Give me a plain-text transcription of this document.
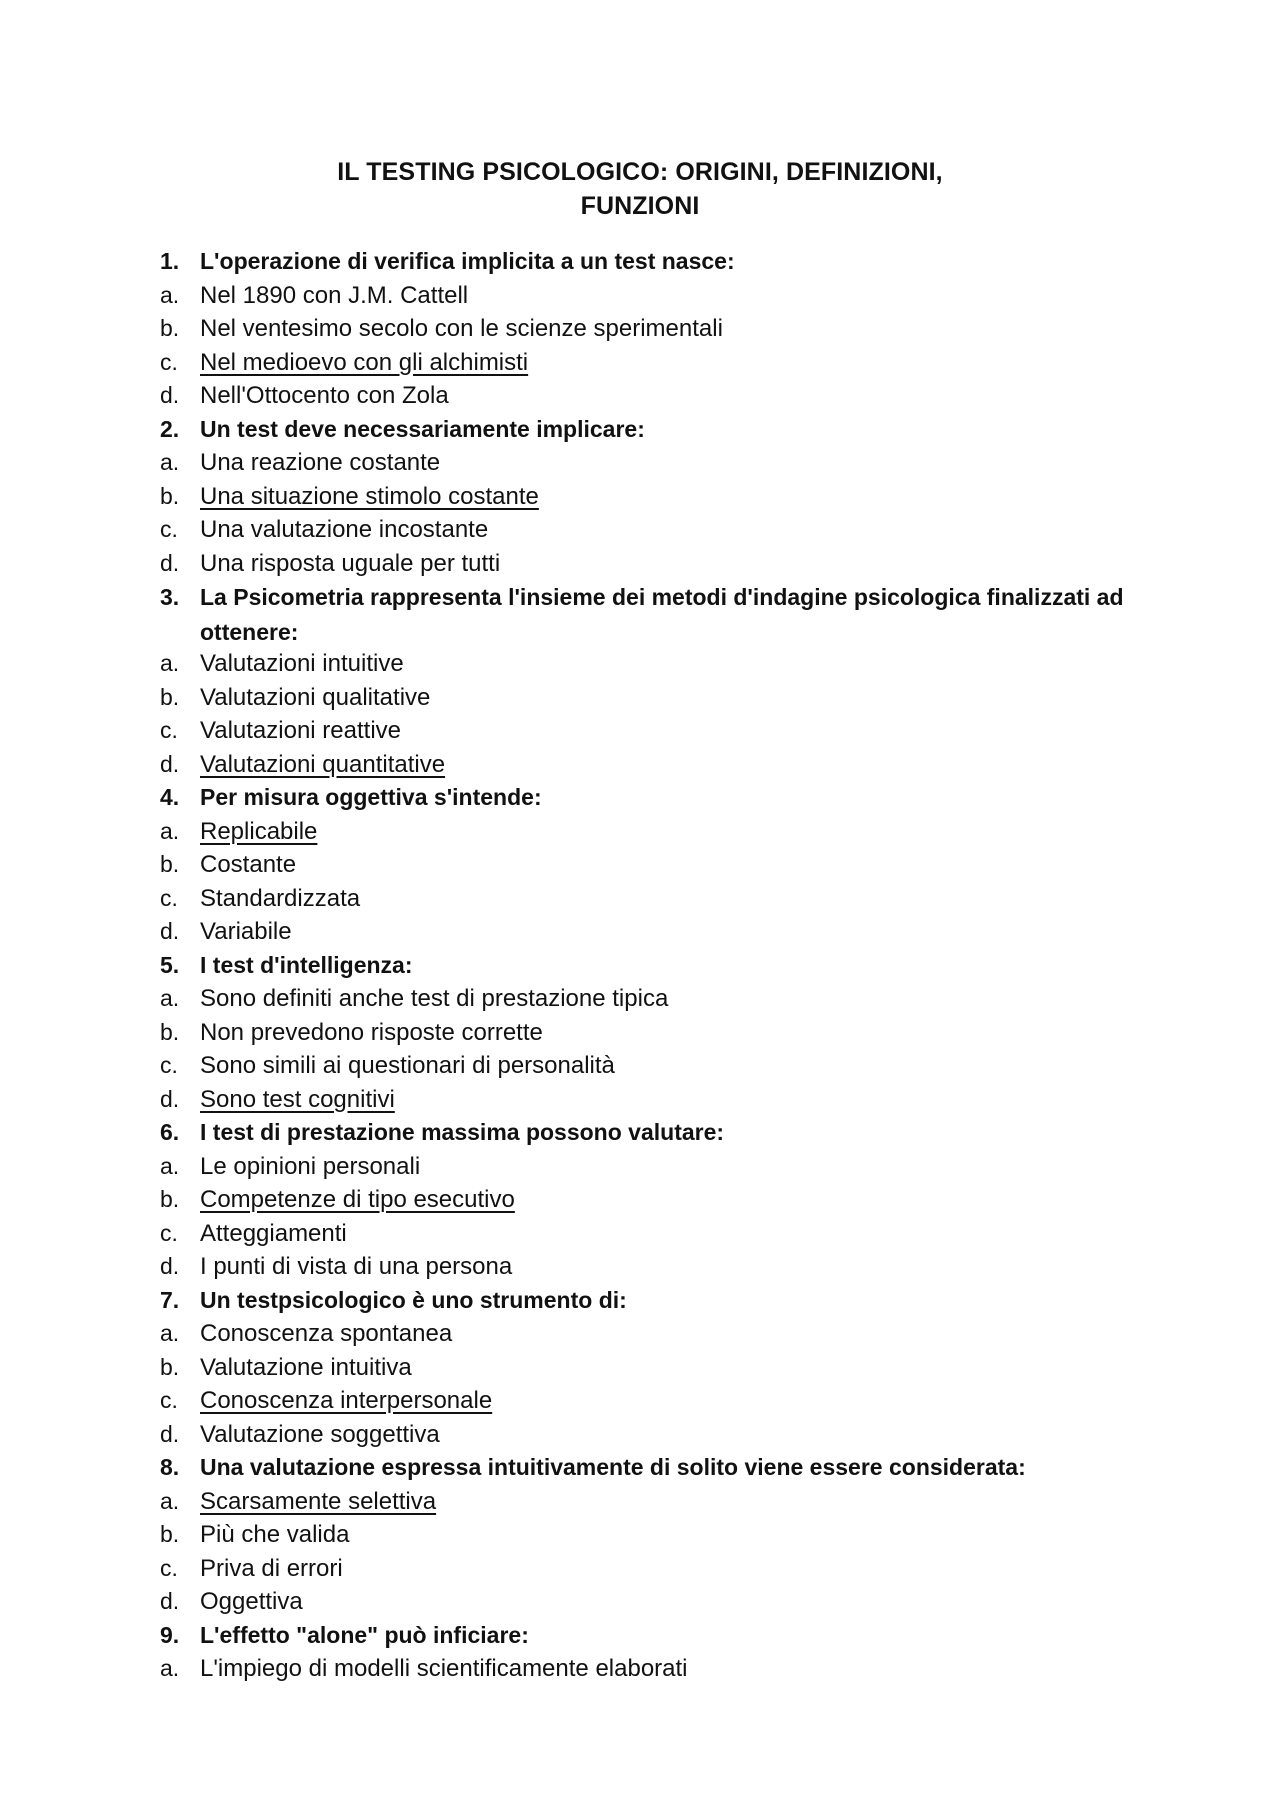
IL TESTING PSICOLOGICO: ORIGINI, DEFINIZIONI,
FUNZIONI
1. L'operazione di verifica implicita a un test nasce:
a. Nel 1890 con J.M. Cattell
b. Nel ventesimo secolo con le scienze sperimentali
c. Nel medioevo con gli alchimisti
d. Nell'Ottocento con Zola
2. Un test deve necessariamente implicare:
a. Una reazione costante
b. Una situazione stimolo costante
c. Una valutazione incostante
d. Una risposta uguale per tutti
3. La Psicometria rappresenta l'insieme dei metodi d'indagine psicologica finalizzati ad ottenere:
a. Valutazioni intuitive
b. Valutazioni qualitative
c. Valutazioni reattive
d. Valutazioni quantitative
4. Per misura oggettiva s'intende:
a. Replicabile
b. Costante
c. Standardizzata
d. Variabile
5. I test d'intelligenza:
a. Sono definiti anche test di prestazione tipica
b. Non prevedono risposte corrette
c. Sono simili ai questionari di personalità
d. Sono test cognitivi
6. I test di prestazione massima possono valutare:
a. Le opinioni personali
b. Competenze di tipo esecutivo
c. Atteggiamenti
d. I punti di vista di una persona
7. Un testpsicologico è uno strumento di:
a. Conoscenza spontanea
b. Valutazione intuitiva
c. Conoscenza interpersonale
d. Valutazione soggettiva
8. Una valutazione espressa intuitivamente di solito viene essere considerata:
a. Scarsamente selettiva
b. Più che valida
c. Priva di errori
d. Oggettiva
9. L'effetto "alone" può inficiare:
a. L'impiego di modelli scientificamente elaborati
